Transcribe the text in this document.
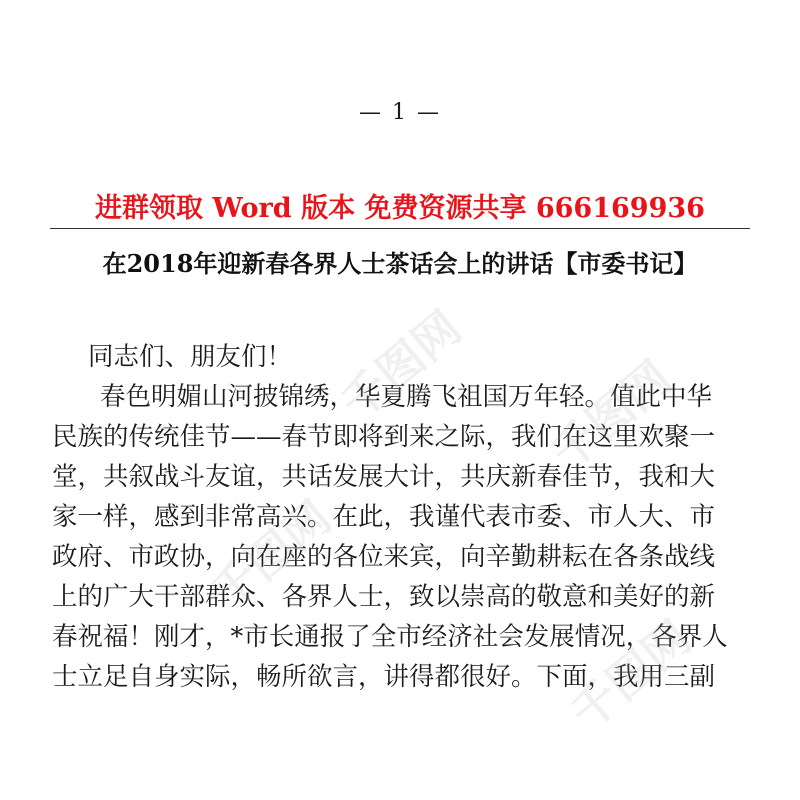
— 1 —
进群领取 Word 版本 免费资源共享 666169936
在2018年迎新春各界人士茶话会上的讲话【市委书记】
同志们、朋友们！
春色明媚山河披锦绣，华夏腾飞祖国万年轻。值此中华
民族的传统佳节——春节即将到来之际，我们在这里欢聚一
堂，共叙战斗友谊，共话发展大计，共庆新春佳节，我和大
家一样，感到非常高兴。在此，我谨代表市委、市人大、市
政府、市政协，向在座的各位来宾，向辛勤耕耘在各条战线
上的广大干部群众、各界人士，致以崇高的敬意和美好的新
春祝福！刚才，*市长通报了全市经济社会发展情况，各界人
士立足自身实际，畅所欲言，讲得都很好。下面，我用三副
千图网
千图网
千图网
千图网
